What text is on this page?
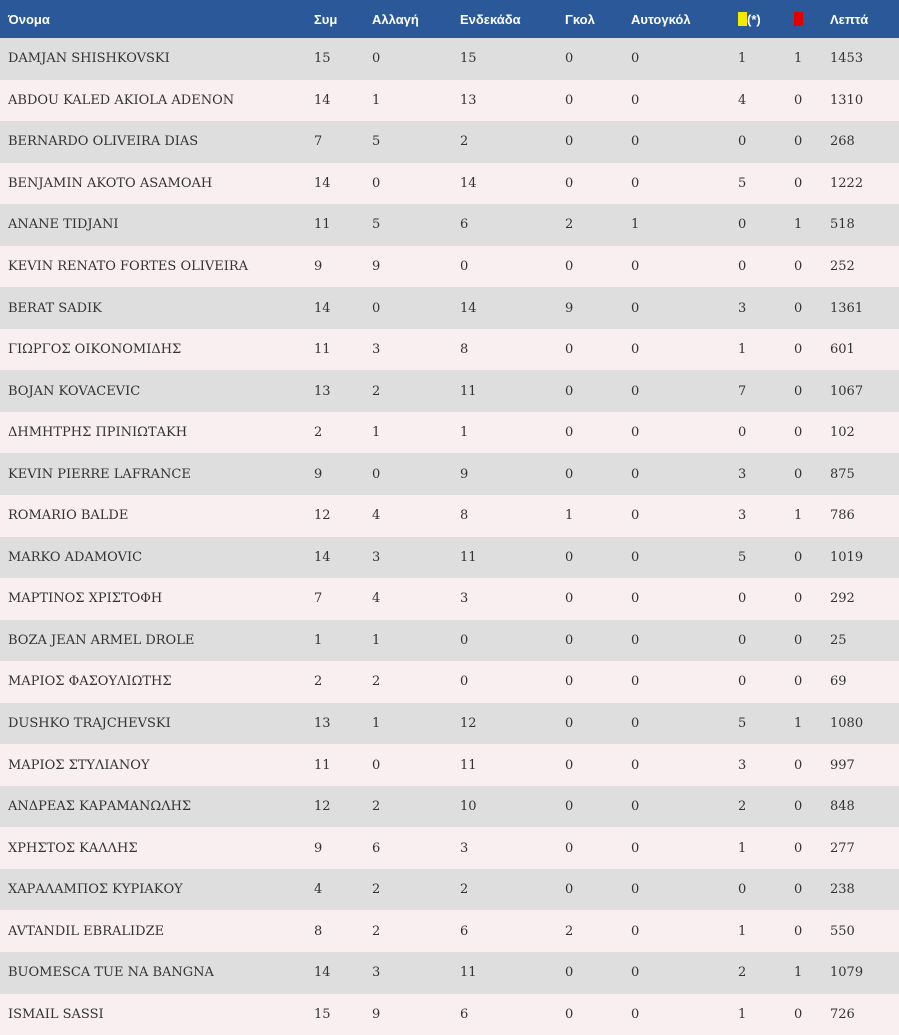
Όνομα	Συμ	Αλλαγή	Ενδεκάδα	Γκολ	Αυτογκόλ	(*)		Λεπτά
DAMJAN SHISHKOVSKI	15	0	15	0	0	1	1	1453
ABDOU KALED AKIOLA ADENON	14	1	13	0	0	4	0	1310
BERNARDO OLIVEIRA DIAS	7	5	2	0	0	0	0	268
BENJAMIN AKOTO ASAMOAH	14	0	14	0	0	5	0	1222
ANANE TIDJANI	11	5	6	2	1	0	1	518
KEVIN RENATO FORTES OLIVEIRA	9	9	0	0	0	0	0	252
BERAT SADIK	14	0	14	9	0	3	0	1361
ΓΙΩΡΓΟΣ ΟΙΚΟΝΟΜΙΔΗΣ	11	3	8	0	0	1	0	601
BOJAN KOVACEVIC	13	2	11	0	0	7	0	1067
ΔΗΜΗΤΡΗΣ ΠΡΙΝΙΩΤΑΚΗ	2	1	1	0	0	0	0	102
KEVIN PIERRE LAFRANCE	9	0	9	0	0	3	0	875
ROMARIO BALDE	12	4	8	1	0	3	1	786
MARKO ADAMOVIC	14	3	11	0	0	5	0	1019
ΜΑΡΤΙΝΟΣ ΧΡΙΣΤΟΦΗ	7	4	3	0	0	0	0	292
BOZA JEAN ARMEL DROLE	1	1	0	0	0	0	0	25
ΜΑΡΙΟΣ ΦΑΣΟΥΛΙΩΤΗΣ	2	2	0	0	0	0	0	69
DUSHKO TRAJCHEVSKI	13	1	12	0	0	5	1	1080
ΜΑΡΙΟΣ ΣΤΥΛΙΑΝΟΥ	11	0	11	0	0	3	0	997
ΑΝΔΡΕΑΣ ΚΑΡΑΜΑΝΩΛΗΣ	12	2	10	0	0	2	0	848
ΧΡΗΣΤΟΣ ΚΑΛΛΗΣ	9	6	3	0	0	1	0	277
ΧΑΡΑΛΑΜΠΟΣ ΚΥΡΙΑΚΟΥ	4	2	2	0	0	0	0	238
AVTANDIL EBRALIDZE	8	2	6	2	0	1	0	550
BUOMESCA TUE NA BANGNA	14	3	11	0	0	2	1	1079
ISMAIL SASSI	15	9	6	0	0	1	0	726
